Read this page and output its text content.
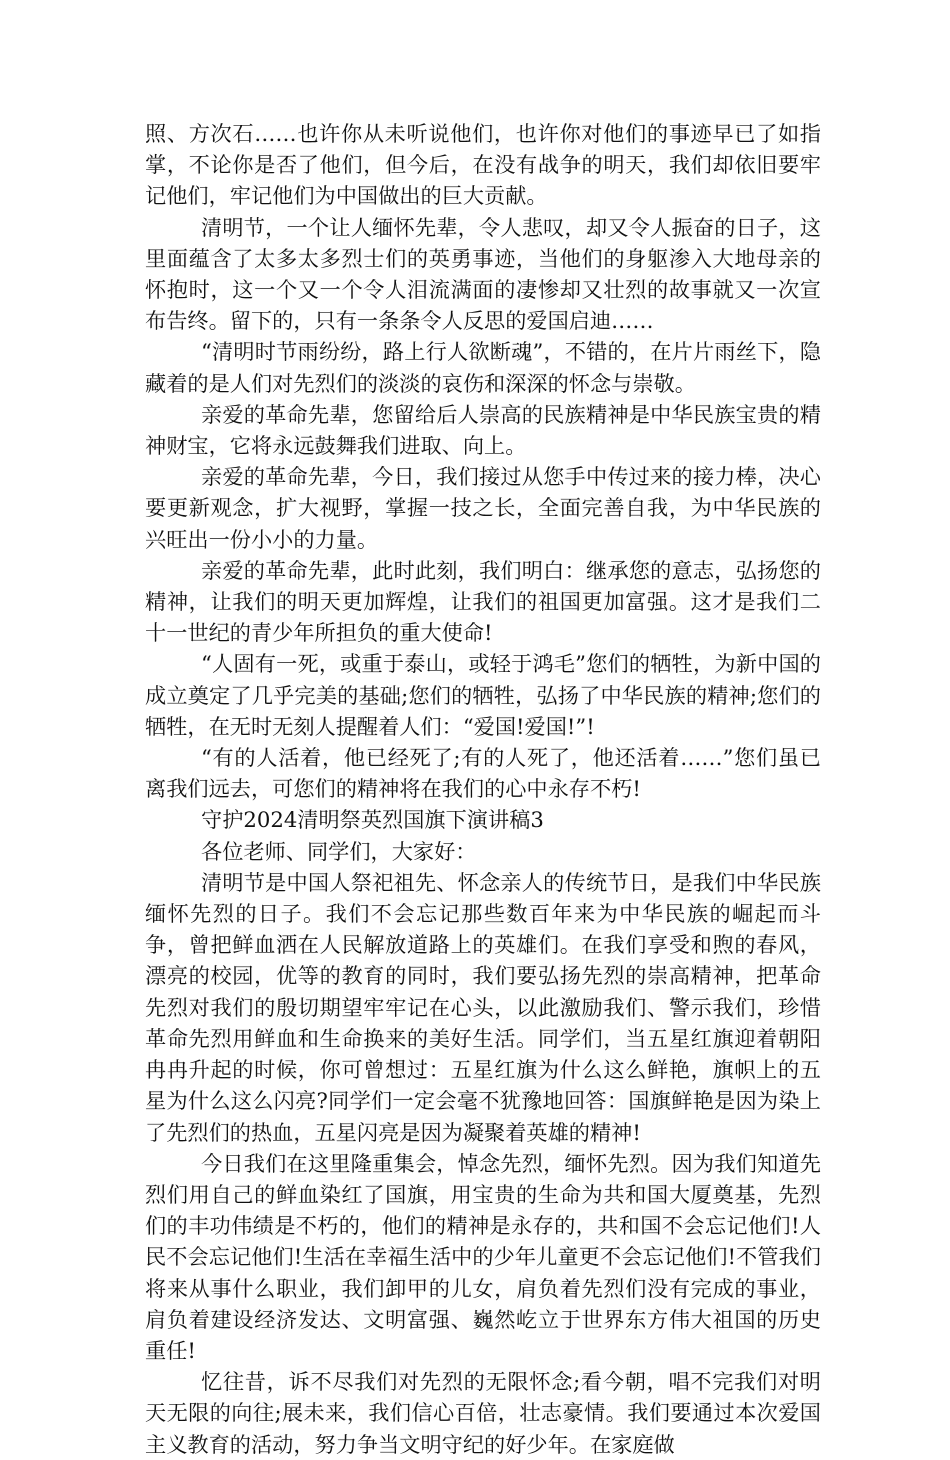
照、方次石……也许你从未听说他们，也许你对他们的事迹早已了如指掌，不论你是否了他们，但今后，在没有战争的明天，我们却依旧要牢记他们，牢记他们为中国做出的巨大贡献。

清明节，一个让人缅怀先辈，令人悲叹，却又令人振奋的日子，这里面蕴含了太多太多烈士们的英勇事迹，当他们的身躯渗入大地母亲的怀抱时，这一个又一个令人泪流满面的凄惨却又壮烈的故事就又一次宣布告终。留下的，只有一条条令人反思的爱国启迪……

“清明时节雨纷纷，路上行人欲断魂”，不错的，在片片雨丝下，隐藏着的是人们对先烈们的淡淡的哀伤和深深的怀念与崇敬。

亲爱的革命先辈，您留给后人崇高的民族精神是中华民族宝贵的精神财宝，它将永远鼓舞我们进取、向上。

亲爱的革命先辈，今日，我们接过从您手中传过来的接力棒，决心要更新观念，扩大视野，掌握一技之长，全面完善自我，为中华民族的兴旺出一份小小的力量。

亲爱的革命先辈，此时此刻，我们明白：继承您的意志，弘扬您的精神，让我们的明天更加辉煌，让我们的祖国更加富强。这才是我们二十一世纪的青少年所担负的重大使命!

“人固有一死，或重于泰山，或轻于鸿毛”您们的牺牲，为新中国的成立奠定了几乎完美的基础;您们的牺牲，弘扬了中华民族的精神;您们的牺牲，在无时无刻人提醒着人们：“爱国!爱国!”!

“有的人活着，他已经死了;有的人死了，他还活着……”您们虽已离我们远去，可您们的精神将在我们的心中永存不朽!

守护2024清明祭英烈国旗下演讲稿3

各位老师、同学们，大家好：

清明节是中国人祭祀祖先、怀念亲人的传统节日，是我们中华民族缅怀先烈的日子。我们不会忘记那些数百年来为中华民族的崛起而斗争，曾把鲜血洒在人民解放道路上的英雄们。在我们享受和煦的春风，漂亮的校园，优等的教育的同时，我们要弘扬先烈的崇高精神，把革命先烈对我们的殷切期望牢牢记在心头，以此激励我们、警示我们，珍惜革命先烈用鲜血和生命换来的美好生活。同学们，当五星红旗迎着朝阳冉冉升起的时候，你可曾想过：五星红旗为什么这么鲜艳，旗帜上的五星为什么这么闪亮?同学们一定会毫不犹豫地回答：国旗鲜艳是因为染上了先烈们的热血，五星闪亮是因为凝聚着英雄的精神!

今日我们在这里隆重集会，悼念先烈，缅怀先烈。因为我们知道先烈们用自己的鲜血染红了国旗，用宝贵的生命为共和国大厦奠基，先烈们的丰功伟绩是不朽的，他们的精神是永存的，共和国不会忘记他们!人民不会忘记他们!生活在幸福生活中的少年儿童更不会忘记他们!不管我们将来从事什么职业，我们卸甲的儿女，肩负着先烈们没有完成的事业，肩负着建设经济发达、文明富强、巍然屹立于世界东方伟大祖国的历史重任!

忆往昔，诉不尽我们对先烈的无限怀念;看今朝，唱不完我们对明天无限的向往;展未来，我们信心百倍，壮志豪情。我们要通过本次爱国主义教育的活动，努力争当文明守纪的好少年。在家庭做
